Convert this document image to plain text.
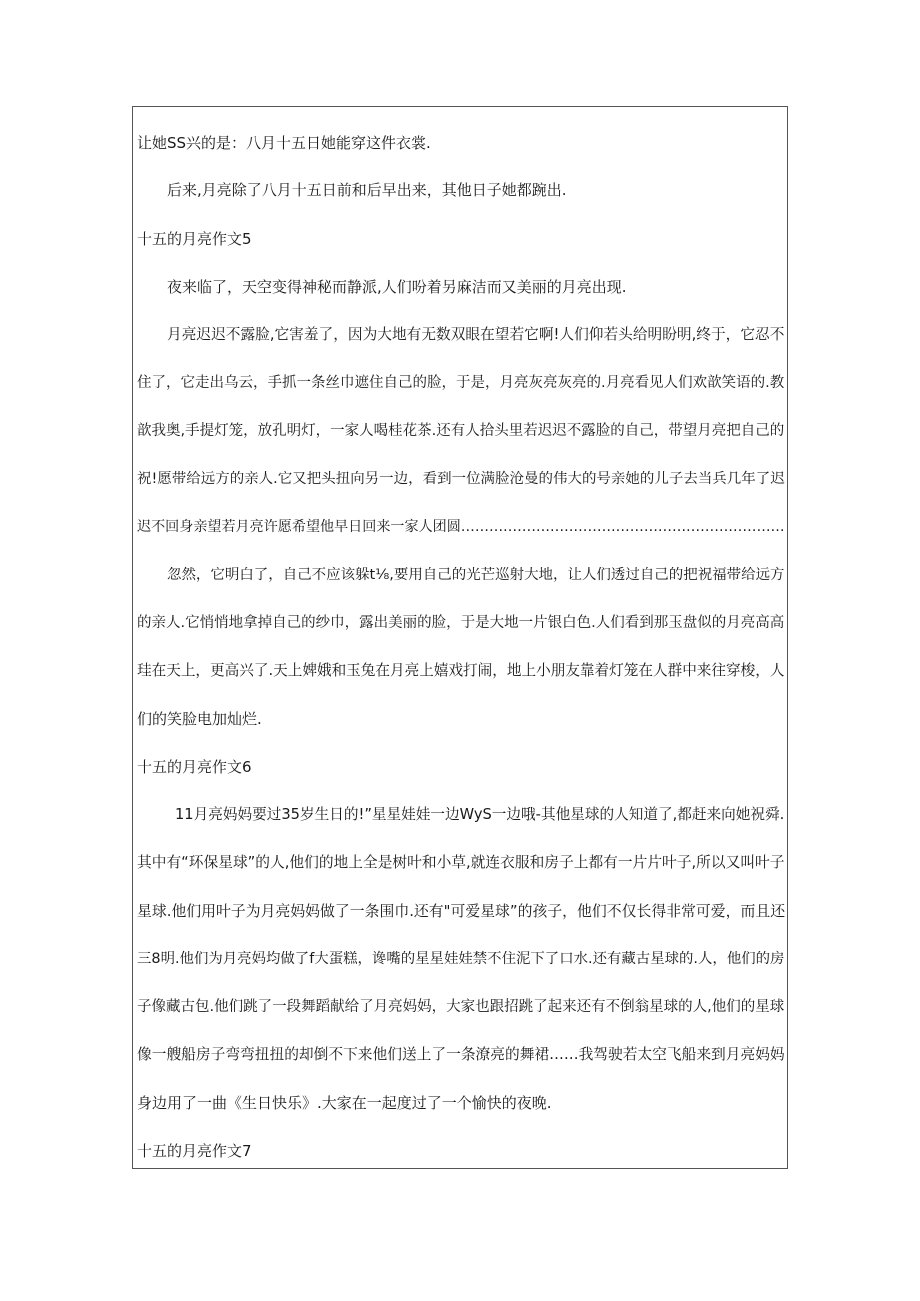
让她SS兴的是：八月十五日她能穿这件衣裳.
后来,月亮除了八月十五日前和后早出来，其他日子她都踠出.
十五的月亮作文5
夜来临了，天空变得神秘而静派,人们吩着另麻洁而又美丽的月亮出现.
月亮迟迟不露脸,它害羞了，因为大地有无数双眼在望若它啊!人们仰若头给明盼明,终于，它忍不
住了，它走出乌云，手抓一条丝巾遮住自己的脸，于是，月亮灰亮灰亮的.月亮看见人们欢歆笑语的.教
歆我奥,手提灯笼，放孔明灯，一家人喝桂花茶.还有人拾头里若迟迟不露脸的自己，带望月亮把自己的
祝!愿带给远方的亲人.它又把头扭向另一边，看到一位满脸沧曼的伟大的号亲她的儿子去当兵几年了迟
迟不回身亲望若月亮许愿希望他早日回来一家人团圆……………………………………………………………
忽然，它明白了，自己不应该躲t⅛,要用自己的光芒巡射大地，让人们透过自己的把祝福带给远方
的亲人.它悄悄地拿掉自己的纱巾，露出美丽的脸，于是大地一片银白色.人们看到那玉盘似的月亮高高
珪在天上，更高兴了.天上婢娥和玉兔在月亮上嬉戏打闹，地上小朋友靠着灯笼在人群中来往穿梭，人
们的笑脸电加灿烂.
十五的月亮作文6
11月亮妈妈要过35岁生日的!”星星娃娃一边WyS一边哦-其他星球的人知道了,都赶来向她祝舜.
其中有“环保星球”的人,他们的地上全是树叶和小草,就连衣服和房子上都有一片片叶子,所以又叫叶子
星球.他们用叶子为月亮妈妈做了一条围巾.还有"可爱星球”的孩子，他们不仅长得非常可爱，而且还
三8明.他们为月亮妈均做了f大蛋糕，谗嘴的星星娃娃禁不住泥下了口水.还有藏古星球的.人，他们的房
子像藏古包.他们跳了一段舞蹈献给了月亮妈妈，大家也跟招跳了起来还有不倒翁星球的人,他们的星球
像一艘船房子弯弯扭扭的却倒不下来他们送上了一条潦亮的舞裙……我驾驶若太空飞船来到月亮妈妈
身边用了一曲《生日快乐》.大家在一起度过了一个愉快的夜晚.
十五的月亮作文7
